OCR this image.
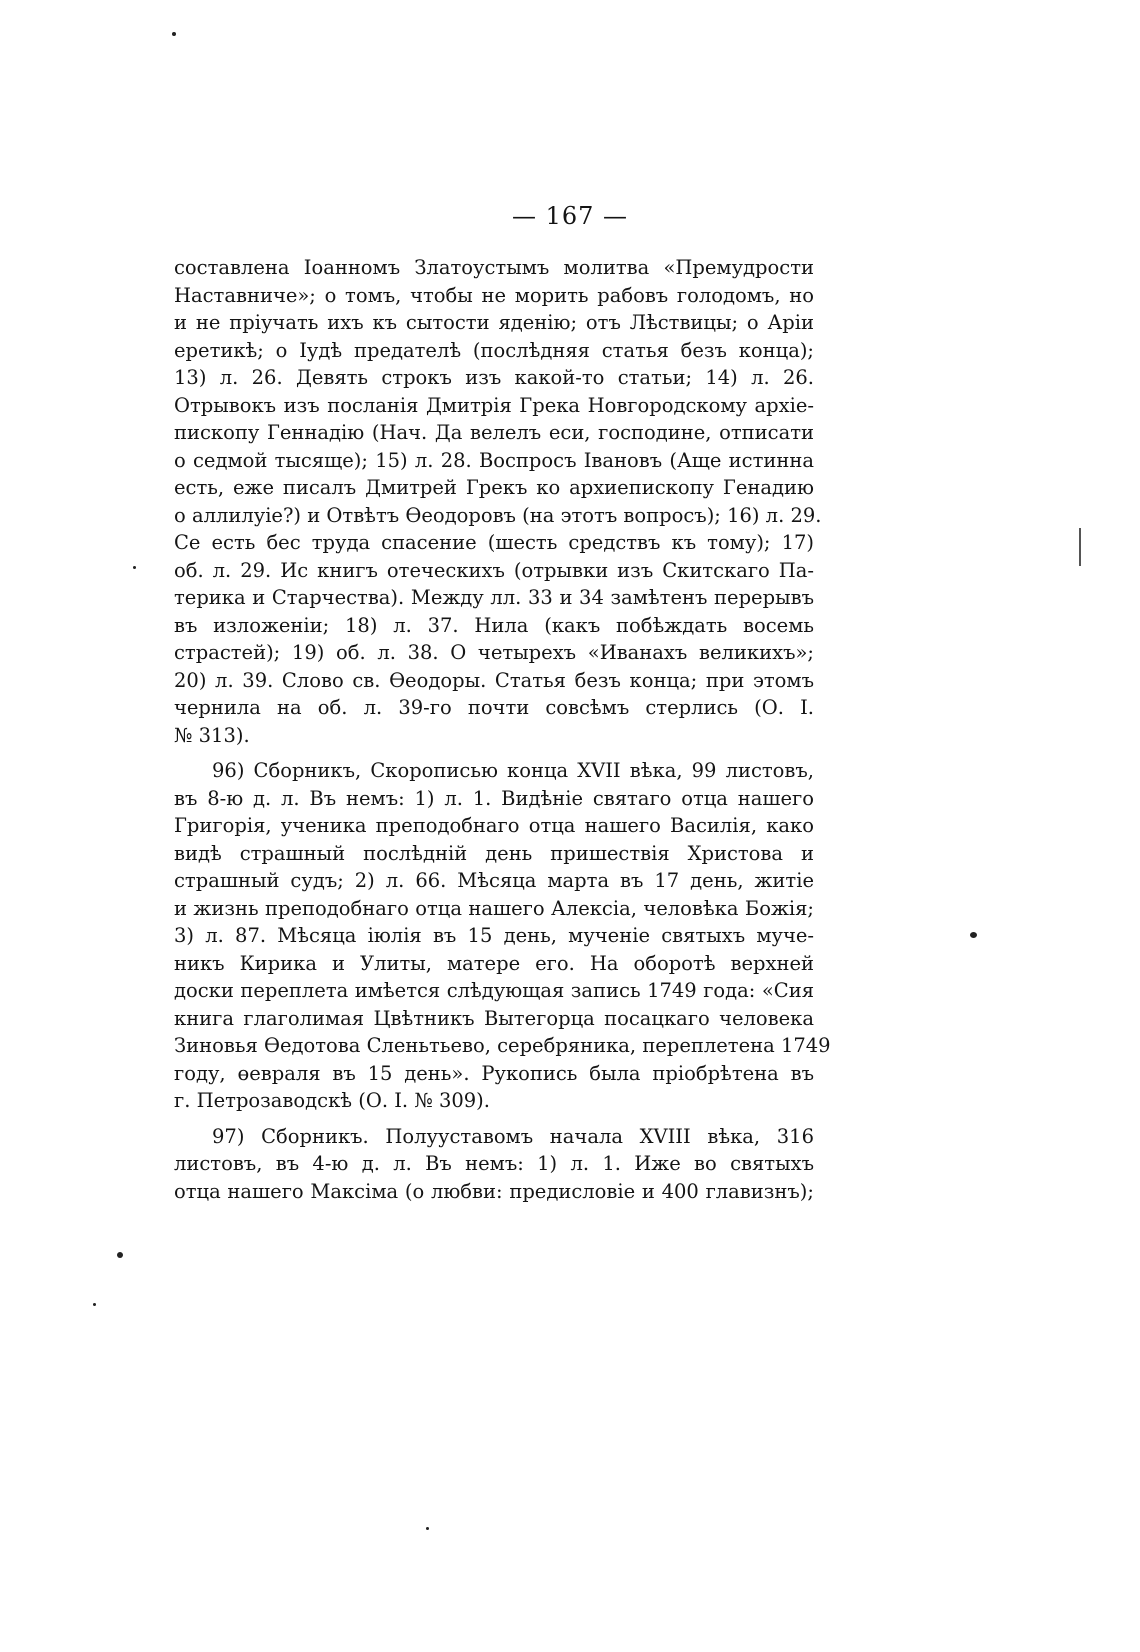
— 167 —
составлена Іоанномъ Златоустымъ молитва «Премудрости
Наставниче»; о томъ, чтобы не морить рабовъ голодомъ, но
и не пріучать ихъ къ сытости яденію; отъ Лѣствицы; о Аріи
еретикѣ; о Іудѣ предателѣ (послѣдняя статья безъ конца);
13) л. 26. Девять строкъ изъ какой-то статьи; 14) л. 26.
Отрывокъ изъ посланія Дмитрія Грека Новгородскому архіе-
пископу Геннадію (Нач. Да велелъ еси, господине, отписати
о седмой тысящe); 15) л. 28. Воспросъ Івановъ (Аще истинна
есть, еже писалъ Дмитрей Грекъ ко архиепископу Генадию
о аллилуіе?) и Отвѣтъ Өеодоровъ (на этотъ вопросъ); 16) л. 29.
Се есть бес труда спасение (шесть средствъ къ тому); 17)
об. л. 29. Ис книгъ отеческихъ (отрывки изъ Скитскаго Па-
терика и Старчества). Между лл. 33 и 34 замѣтенъ перерывъ
въ изложеніи; 18) л. 37. Нила (какъ побѣждать восемь
страстей); 19) об. л. 38. О четырехъ «Иванахъ великихъ»;
20) л. 39. Слово св. Өеодоры. Статья безъ конца; при этомъ
чернила на об. л. 39-го почти совсѣмъ стерлись (О. І.
№ 313).
96) Сборникъ, Скорописью конца XVII вѣка, 99 листовъ,
въ 8-ю д. л. Въ немъ: 1) л. 1. Видѣніе святаго отца нашего
Григорія, ученика преподобнаго отца нашего Василія, како
видѣ страшный послѣдній день пришествія Христова и
страшный судъ; 2) л. 66. Мѣсяца марта въ 17 день, житіе
и жизнь преподобнаго отца нашего Алексіа, человѣка Божія;
3) л. 87. Мѣсяца іюлія въ 15 день, мученіе святыхъ муче-
никъ Кирика и Улиты, матере его. На оборотѣ верхней
доски переплета имѣется слѣдующая запись 1749 года: «Сия
книга глаголимая Цвѣтникъ Вытегорца посацкаго человека
Зиновья Өедотова Сленьтьево, серебряника, переплетена 1749
году, өевраля въ 15 день». Рукопись была пріобрѣтена въ
г. Петрозаводскѣ (О. І. № 309).
97) Сборникъ. Полууставомъ начала XVIII вѣка, 316
листовъ, въ 4-ю д. л. Въ немъ: 1) л. 1. Иже во святыхъ
отца нашего Максіма (о любви: предисловіе и 400 главизнъ);
